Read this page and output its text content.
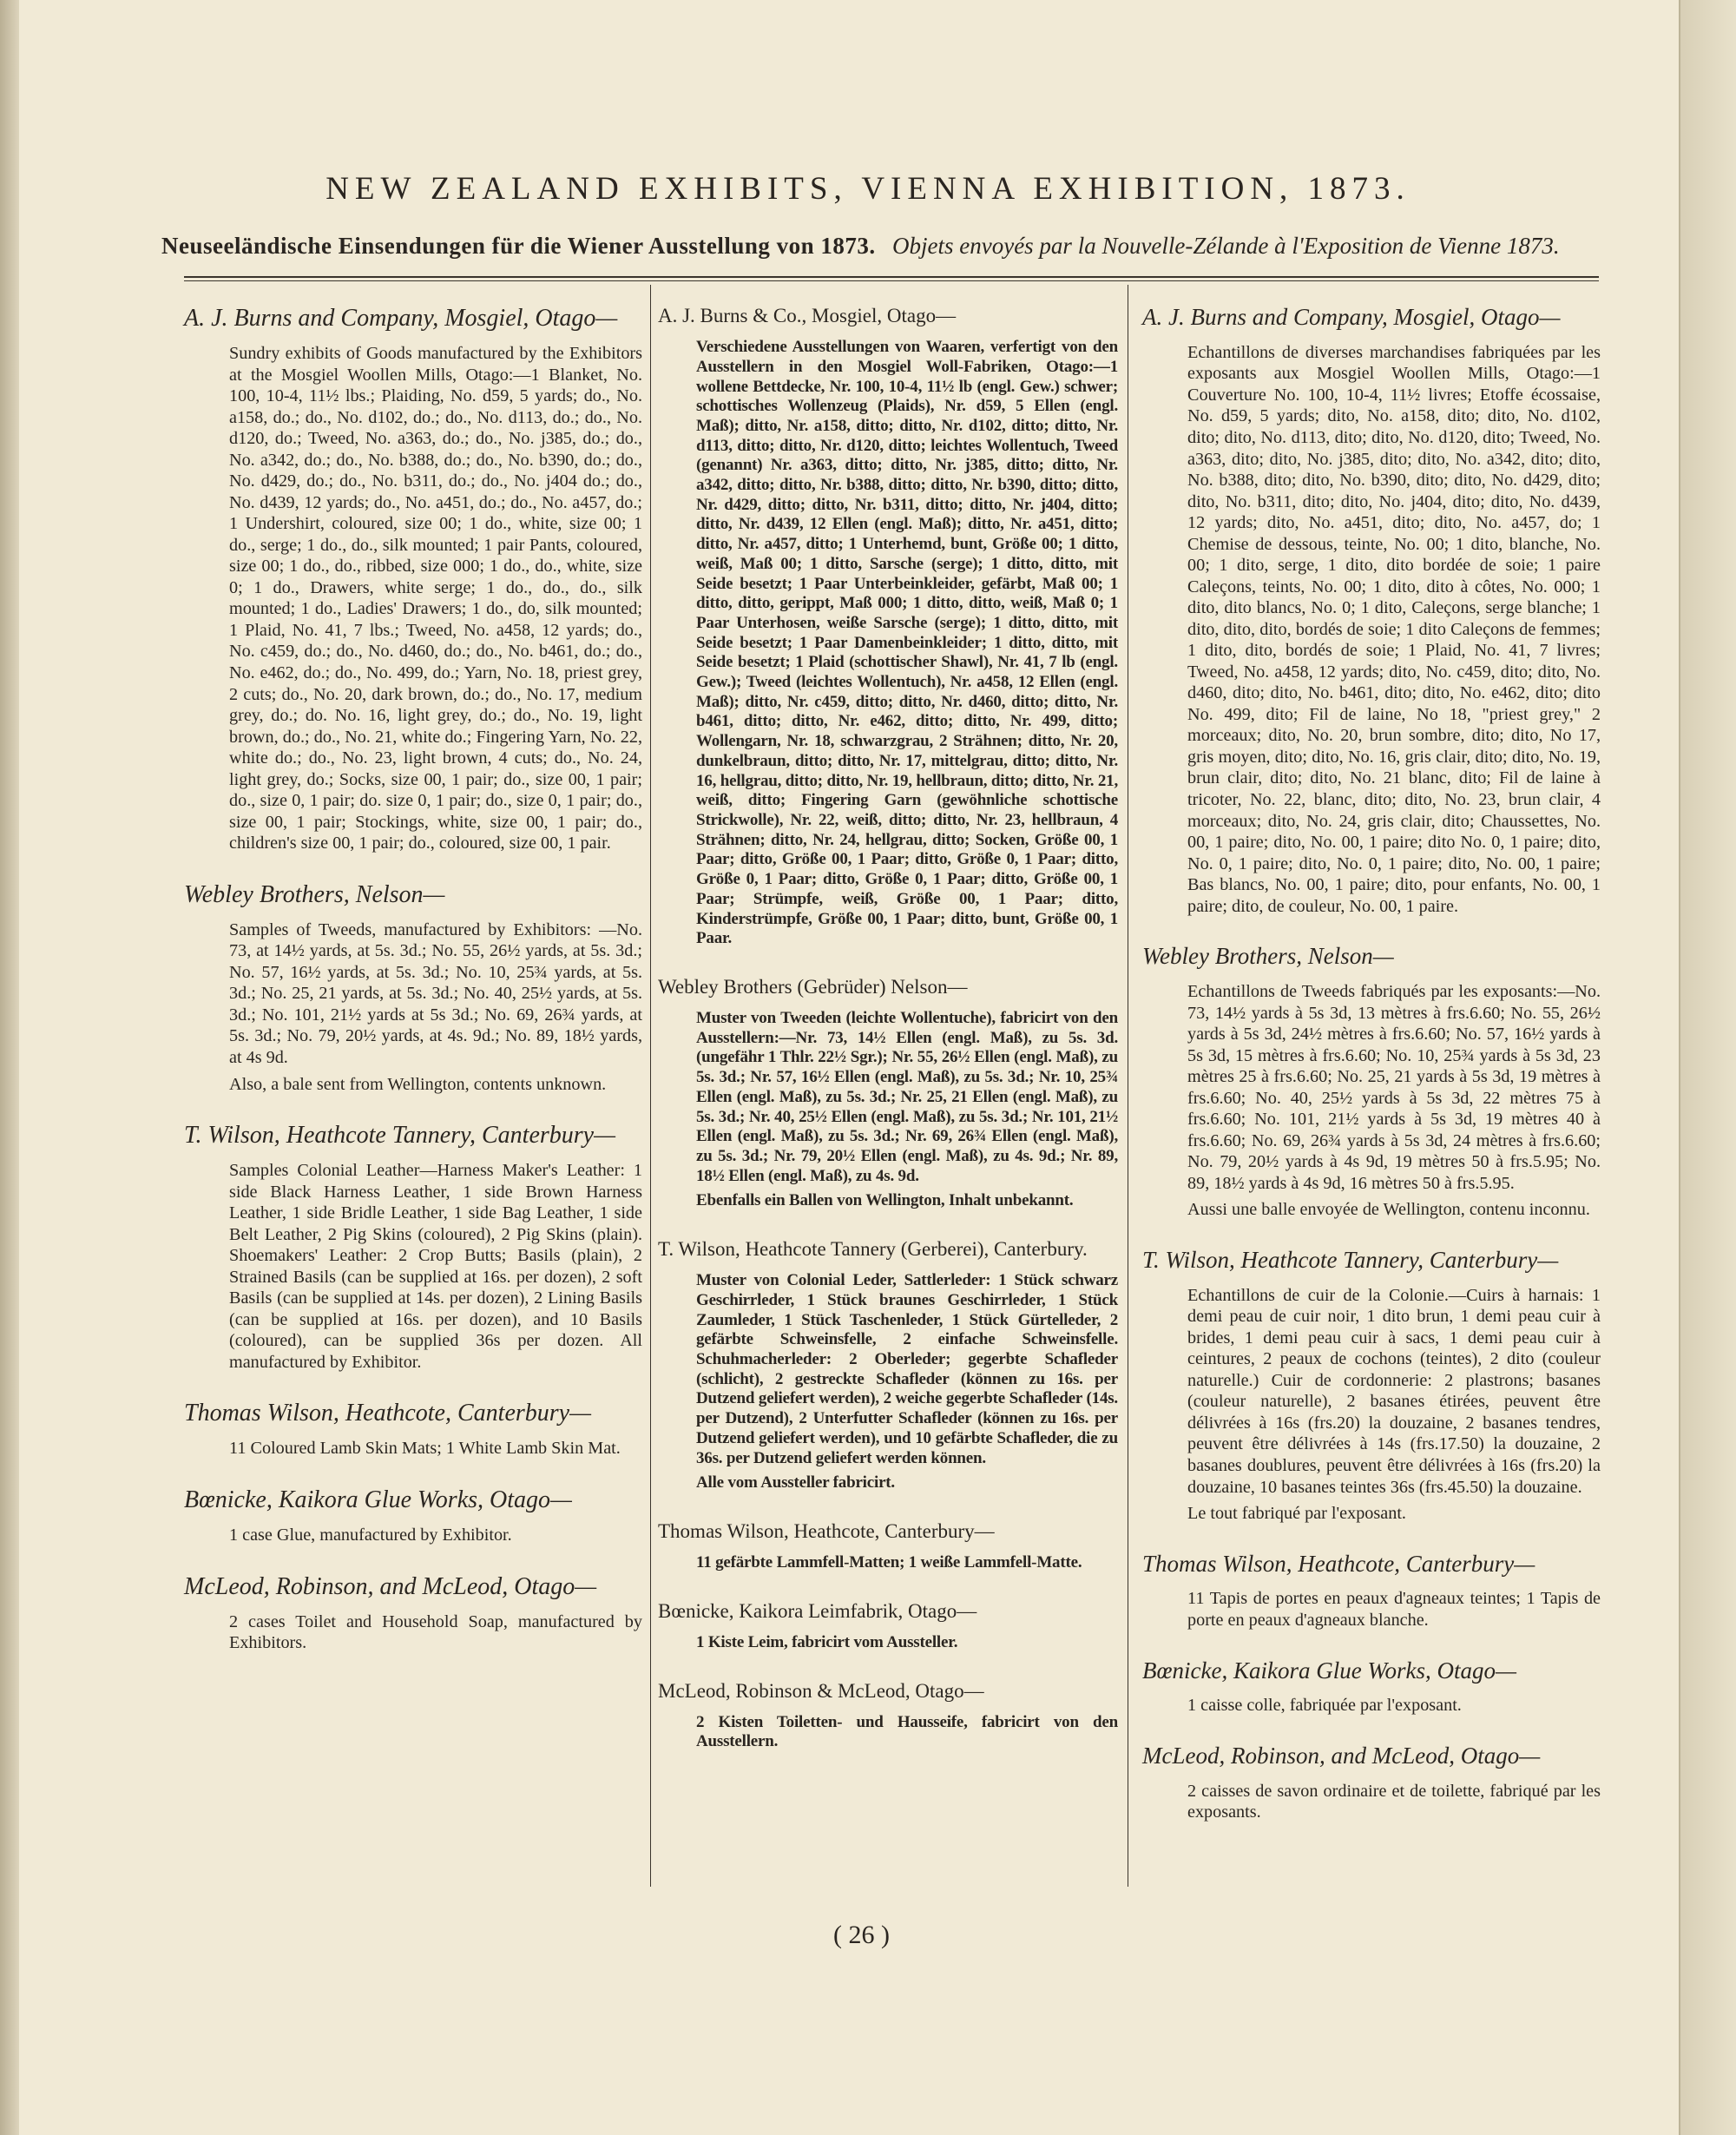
NEW ZEALAND EXHIBITS, VIENNA EXHIBITION, 1873.
Neuseeländische Einsendungen für die Wiener Ausstellung von 1873. Objets envoyés par la Nouvelle-Zélande à l'Exposition de Vienne 1873.
A. J. Burns and Company, Mosgiel, Otago—
Sundry exhibits of Goods manufactured by the Exhibitors at the Mosgiel Woollen Mills, Otago:—1 Blanket, No. 100, 10-4, 11½ lbs.; Plaiding, No. d59, 5 yards; do., No. a158, do.; do., No. d102, do.; do., No. d113, do.; do., No. d120, do.; Tweed, No. a363, do.; do., No. j385, do.; do., No. a342, do.; do., No. b388, do.; do., No. b390, do.; do., No. d429, do.; do., No. b311, do.; do., No. j404 do.; do., No. d439, 12 yards; do., No. a451, do.; do., No. a457, do.; 1 Undershirt, coloured, size 00; 1 do., white, size 00; 1 do., serge; 1 do., do., silk mounted; 1 pair Pants, coloured, size 00; 1 do., do., ribbed, size 000; 1 do., do., white, size 0; 1 do., Drawers, white serge; 1 do., do., do., silk mounted; 1 do., Ladies' Drawers; 1 do., do, silk mounted; 1 Plaid, No. 41, 7 lbs.; Tweed, No. a458, 12 yards; do., No. c459, do.; do., No. d460, do.; do., No. b461, do.; do., No. e462, do.; do., No. 499, do.; Yarn, No. 18, priest grey, 2 cuts; do., No. 20, dark brown, do.; do., No. 17, medium grey, do.; do. No. 16, light grey, do.; do., No. 19, light brown, do.; do., No. 21, white do.; Fingering Yarn, No. 22, white do.; do., No. 23, light brown, 4 cuts; do., No. 24, light grey, do.; Socks, size 00, 1 pair; do., size 00, 1 pair; do., size 0, 1 pair; do. size 0, 1 pair; do., size 0, 1 pair; do., size 00, 1 pair; Stockings, white, size 00, 1 pair; do., children's size 00, 1 pair; do., coloured, size 00, 1 pair.
Webley Brothers, Nelson—
Samples of Tweeds, manufactured by Exhibitors: —No. 73, at 14½ yards, at 5s. 3d.; No. 55, 26½ yards, at 5s. 3d.; No. 57, 16½ yards, at 5s. 3d.; No. 10, 25¾ yards, at 5s. 3d.; No. 25, 21 yards, at 5s. 3d.; No. 40, 25½ yards, at 5s. 3d.; No. 101, 21½ yards at 5s 3d.; No. 69, 26¾ yards, at 5s. 3d.; No. 79, 20½ yards, at 4s. 9d.; No. 89, 18½ yards, at 4s 9d.
Also, a bale sent from Wellington, contents unknown.
T. Wilson, Heathcote Tannery, Canterbury—
Samples Colonial Leather—Harness Maker's Leather: 1 side Black Harness Leather, 1 side Brown Harness Leather, 1 side Bridle Leather, 1 side Bag Leather, 1 side Belt Leather, 2 Pig Skins (coloured), 2 Pig Skins (plain). Shoemakers' Leather: 2 Crop Butts; Basils (plain), 2 Strained Basils (can be supplied at 16s. per dozen), 2 soft Basils (can be supplied at 14s. per dozen), 2 Lining Basils (can be supplied at 16s. per dozen), and 10 Basils (coloured), can be supplied 36s per dozen. All manufactured by Exhibitor.
Thomas Wilson, Heathcote, Canterbury—
11 Coloured Lamb Skin Mats; 1 White Lamb Skin Mat.
Bœnicke, Kaikora Glue Works, Otago—
1 case Glue, manufactured by Exhibitor.
McLeod, Robinson, and McLeod, Otago—
2 cases Toilet and Household Soap, manufactured by Exhibitors.
A. J. Burns & Co., Mosgiel, Otago—
Verschiedene Ausstellungen von Waaren, verfertigt von den Ausstellern in den Mosgiel Woll-Fabriken, Otago:—1 wollene Bettdecke, Nr. 100, 10-4, 11½ lb (engl. Gew.) schwer; schottisches Wollenzeug (Plaids), Nr. d59, 5 Ellen (engl. Maß); ditto, Nr. a158, ditto; ditto, Nr. d102, ditto; ditto, Nr. d113, ditto; ditto, Nr. d120, ditto; leichtes Wollentuch, Tweed (genannt) Nr. a363, ditto; ditto, Nr. j385, ditto; ditto, Nr. a342, ditto; ditto, Nr. b388, ditto; ditto, Nr. b390, ditto; ditto, Nr. d429, ditto; ditto, Nr. b311, ditto; ditto, Nr. j404, ditto; ditto, Nr. d439, 12 Ellen (engl. Maß); ditto, Nr. a451, ditto; ditto, Nr. a457, ditto; 1 Unterhemd, bunt, Größe 00; 1 ditto, weiß, Maß 00; 1 ditto, Sarsche (serge); 1 ditto, ditto, mit Seide besetzt; 1 Paar Unterbeinkleider, gefärbt, Maß 00; 1 ditto, ditto, gerippt, Maß 000; 1 ditto, ditto, weiß, Maß 0; 1 Paar Unterhosen, weiße Sarsche (serge); 1 ditto, ditto, mit Seide besetzt; 1 Paar Damenbeinkleider; 1 ditto, ditto, mit Seide besetzt; 1 Plaid (schottischer Shawl), Nr. 41, 7 lb (engl. Gew.); Tweed (leichtes Wollentuch), Nr. a458, 12 Ellen (engl. Maß); ditto, Nr. c459, ditto; ditto, Nr. d460, ditto; ditto, Nr. b461, ditto; ditto, Nr. e462, ditto; ditto, Nr. 499, ditto; Wollengarn, Nr. 18, schwarzgrau, 2 Strähnen; ditto, Nr. 20, dunkelbraun, ditto; ditto, Nr. 17, mittelgrau, ditto; ditto, Nr. 16, hellgrau, ditto; ditto, Nr. 19, hellbraun, ditto; ditto, Nr. 21, weiß, ditto; Fingering Garn (gewöhnliche schottische Strickwolle), Nr. 22, weiß, ditto; ditto, Nr. 23, hellbraun, 4 Strähnen; ditto, Nr. 24, hellgrau, ditto; Socken, Größe 00, 1 Paar; ditto, Größe 00, 1 Paar; ditto, Größe 0, 1 Paar; ditto, Größe 0, 1 Paar; ditto, Größe 0, 1 Paar; ditto, Größe 00, 1 Paar; Strümpfe, weiß, Größe 00, 1 Paar; ditto, Kinderstrümpfe, Größe 00, 1 Paar; ditto, bunt, Größe 00, 1 Paar.
Webley Brothers (Gebrüder) Nelson—
Muster von Tweeden (leichte Wollentuche), fabricirt von den Ausstellern:—Nr. 73, 14½ Ellen (engl. Maß), zu 5s. 3d. (ungefähr 1 Thlr. 22½ Sgr.); Nr. 55, 26½ Ellen (engl. Maß), zu 5s. 3d.; Nr. 57, 16½ Ellen (engl. Maß), zu 5s. 3d.; Nr. 10, 25¾ Ellen (engl. Maß), zu 5s. 3d.; Nr. 25, 21 Ellen (engl. Maß), zu 5s. 3d.; Nr. 40, 25½ Ellen (engl. Maß), zu 5s. 3d.; Nr. 101, 21½ Ellen (engl. Maß), zu 5s. 3d.; Nr. 69, 26¾ Ellen (engl. Maß), zu 5s. 3d.; Nr. 79, 20½ Ellen (engl. Maß), zu 4s. 9d.; Nr. 89, 18½ Ellen (engl. Maß), zu 4s. 9d.
Ebenfalls ein Ballen von Wellington, Inhalt unbekannt.
T. Wilson, Heathcote Tannery (Gerberei), Canterbury.
Muster von Colonial Leder, Sattlerleder: 1 Stück schwarz Geschirrleder, 1 Stück braunes Geschirrleder, 1 Stück Zaumleder, 1 Stück Taschenleder, 1 Stück Gürtelleder, 2 gefärbte Schweinsfelle, 2 einfache Schweinsfelle. Schuhmacherleder: 2 Oberleder; gegerbte Schafleder (schlicht), 2 gestreckte Schafleder (können zu 16s. per Dutzend geliefert werden), 2 weiche gegerbte Schafleder (14s. per Dutzend), 2 Unterfutter Schafleder (können zu 16s. per Dutzend geliefert werden), und 10 gefärbte Schafleder, die zu 36s. per Dutzend geliefert werden können.
Alle vom Aussteller fabricirt.
Thomas Wilson, Heathcote, Canterbury—
11 gefärbte Lammfell-Matten; 1 weiße Lammfell-Matte.
Bœnicke, Kaikora Leimfabrik, Otago—
1 Kiste Leim, fabricirt vom Aussteller.
McLeod, Robinson & McLeod, Otago—
2 Kisten Toiletten- und Hausseife, fabricirt von den Ausstellern.
A. J. Burns and Company, Mosgiel, Otago—
Echantillons de diverses marchandises fabriquées par les exposants aux Mosgiel Woollen Mills, Otago:—1 Couverture No. 100, 10-4, 11½ livres; Etoffe écossaise, No. d59, 5 yards; dito, No. a158, dito; dito, No. d102, dito; dito, No. d113, dito; dito, No. d120, dito; Tweed, No. a363, dito; dito, No. j385, dito; dito, No. a342, dito; dito, No. b388, dito; dito, No. b390, dito; dito, No. d429, dito; dito, No. b311, dito; dito, No. j404, dito; dito, No. d439, 12 yards; dito, No. a451, dito; dito, No. a457, do; 1 Chemise de dessous, teinte, No. 00; 1 dito, blanche, No. 00; 1 dito, serge, 1 dito, dito bordée de soie; 1 paire Caleçons, teints, No. 00; 1 dito, dito à côtes, No. 000; 1 dito, dito blancs, No. 0; 1 dito, Caleçons, serge blanche; 1 dito, dito, dito, bordés de soie; 1 dito Caleçons de femmes; 1 dito, dito, bordés de soie; 1 Plaid, No. 41, 7 livres; Tweed, No. a458, 12 yards; dito, No. c459, dito; dito, No. d460, dito; dito, No. b461, dito; dito, No. e462, dito; dito No. 499, dito; Fil de laine, No 18, "priest grey," 2 morceaux; dito, No. 20, brun sombre, dito; dito, No 17, gris moyen, dito; dito, No. 16, gris clair, dito; dito, No. 19, brun clair, dito; dito, No. 21 blanc, dito; Fil de laine à tricoter, No. 22, blanc, dito; dito, No. 23, brun clair, 4 morceaux; dito, No. 24, gris clair, dito; Chaussettes, No. 00, 1 paire; dito, No. 00, 1 paire; dito No. 0, 1 paire; dito, No. 0, 1 paire; dito, No. 0, 1 paire; dito, No. 00, 1 paire; Bas blancs, No. 00, 1 paire; dito, pour enfants, No. 00, 1 paire; dito, de couleur, No. 00, 1 paire.
Webley Brothers, Nelson—
Echantillons de Tweeds fabriqués par les exposants:—No. 73, 14½ yards à 5s 3d, 13 mètres à frs.6.60; No. 55, 26½ yards à 5s 3d, 24½ mètres à frs.6.60; No. 57, 16½ yards à 5s 3d, 15 mètres à frs.6.60; No. 10, 25¾ yards à 5s 3d, 23 mètres 25 à frs.6.60; No. 25, 21 yards à 5s 3d, 19 mètres à frs.6.60; No. 40, 25½ yards à 5s 3d, 22 mètres 75 à frs.6.60; No. 101, 21½ yards à 5s 3d, 19 mètres 40 à frs.6.60; No. 69, 26¾ yards à 5s 3d, 24 mètres à frs.6.60; No. 79, 20½ yards à 4s 9d, 19 mètres 50 à frs.5.95; No. 89, 18½ yards à 4s 9d, 16 mètres 50 à frs.5.95.
Aussi une balle envoyée de Wellington, contenu inconnu.
T. Wilson, Heathcote Tannery, Canterbury—
Echantillons de cuir de la Colonie.—Cuirs à harnais: 1 demi peau de cuir noir, 1 dito brun, 1 demi peau cuir à brides, 1 demi peau cuir à sacs, 1 demi peau cuir à ceintures, 2 peaux de cochons (teintes), 2 dito (couleur naturelle.) Cuir de cordonnerie: 2 plastrons; basanes (couleur naturelle), 2 basanes étirées, peuvent être délivrées à 16s (frs.20) la douzaine, 2 basanes tendres, peuvent être délivrées à 14s (frs.17.50) la douzaine, 2 basanes doublures, peuvent être délivrées à 16s (frs.20) la douzaine, 10 basanes teintes 36s (frs.45.50) la douzaine.
Le tout fabriqué par l'exposant.
Thomas Wilson, Heathcote, Canterbury—
11 Tapis de portes en peaux d'agneaux teintes; 1 Tapis de porte en peaux d'agneaux blanche.
Bœnicke, Kaikora Glue Works, Otago—
1 caisse colle, fabriquée par l'exposant.
McLeod, Robinson, and McLeod, Otago—
2 caisses de savon ordinaire et de toilette, fabriqué par les exposants.
( 26 )
